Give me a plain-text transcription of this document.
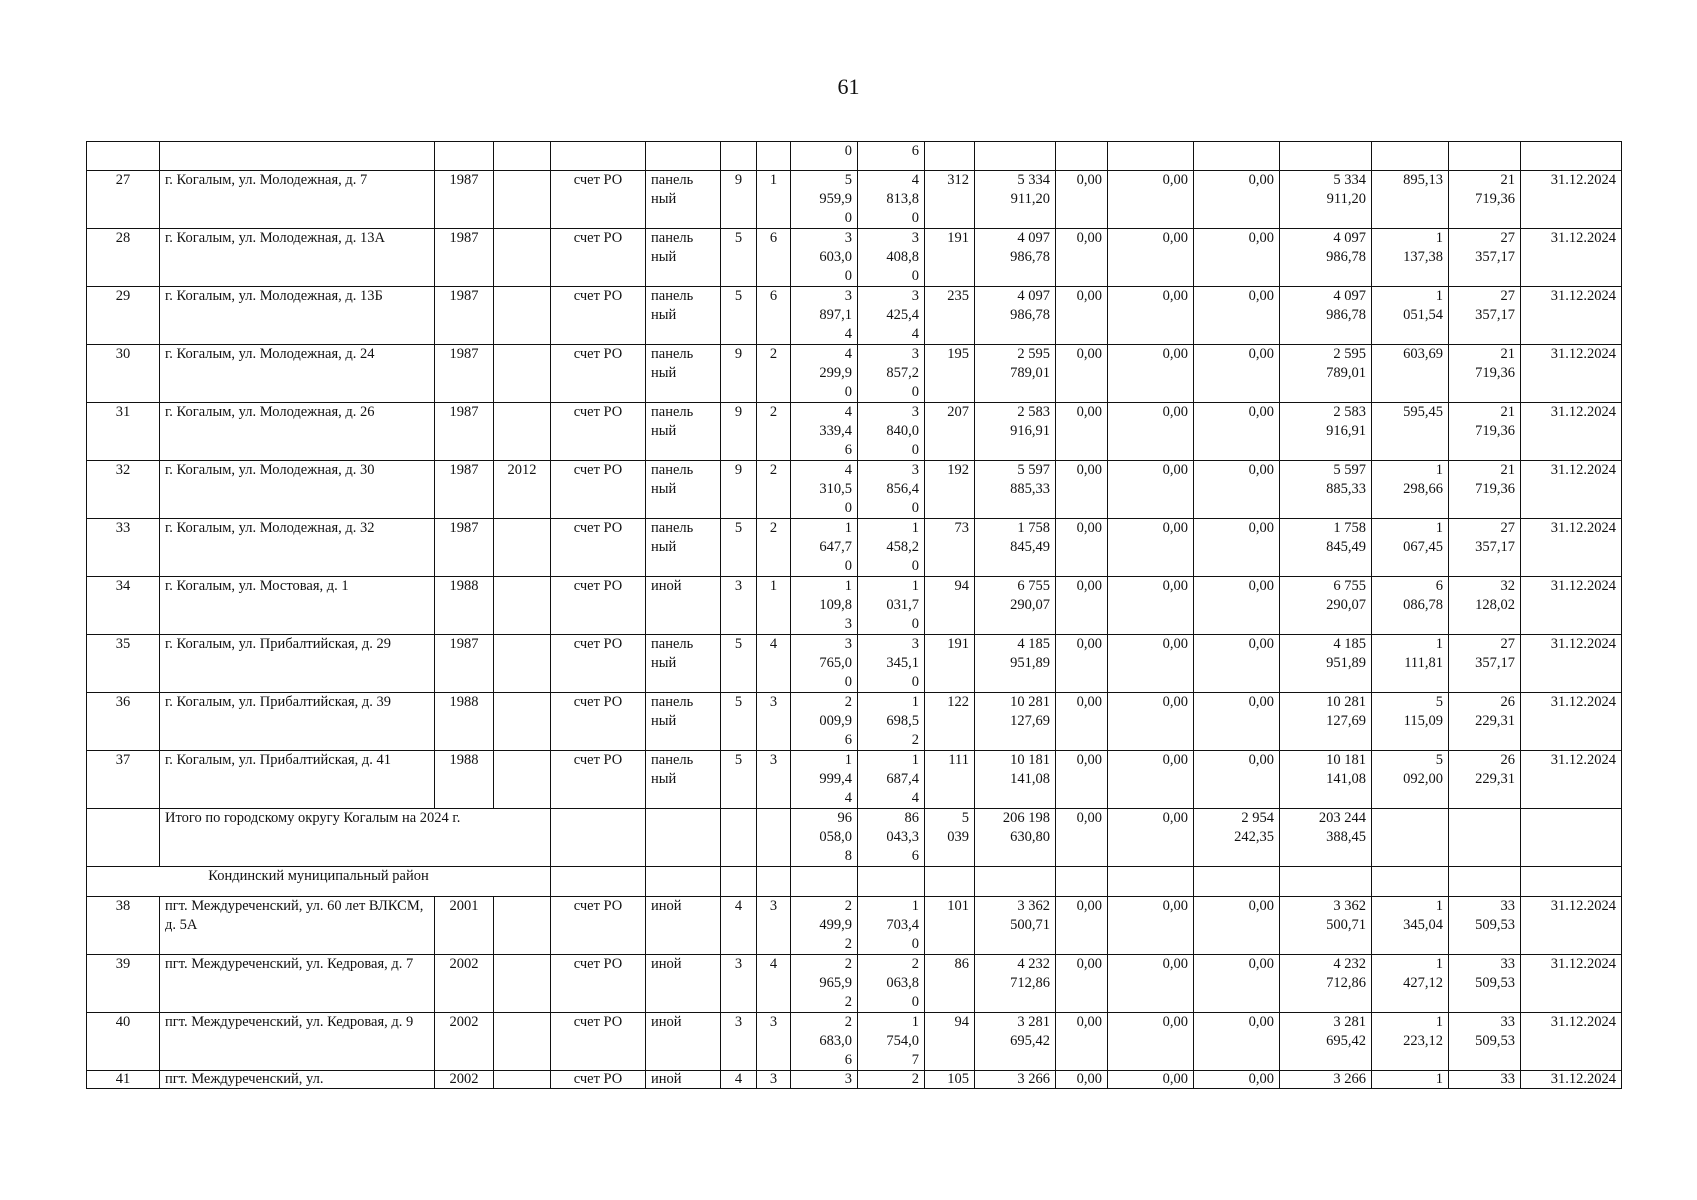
61
								0	6									
27	г. Когалым, ул. Молодежная, д. 7	1987		счет РО	панель
ный	9	1	5
959,9
0	4
813,8
0	312	5 334
911,20	0,00	0,00	0,00	5 334
911,20	895,13	21
719,36	31.12.2024
28	г. Когалым, ул. Молодежная, д. 13А	1987		счет РО	панель
ный	5	6	3
603,0
0	3
408,8
0	191	4 097
986,78	0,00	0,00	0,00	4 097
986,78	1
137,38	27
357,17	31.12.2024
29	г. Когалым, ул. Молодежная, д. 13Б	1987		счет РО	панель
ный	5	6	3
897,1
4	3
425,4
4	235	4 097
986,78	0,00	0,00	0,00	4 097
986,78	1
051,54	27
357,17	31.12.2024
30	г. Когалым, ул. Молодежная, д. 24	1987		счет РО	панель
ный	9	2	4
299,9
0	3
857,2
0	195	2 595
789,01	0,00	0,00	0,00	2 595
789,01	603,69	21
719,36	31.12.2024
31	г. Когалым, ул. Молодежная, д. 26	1987		счет РО	панель
ный	9	2	4
339,4
6	3
840,0
0	207	2 583
916,91	0,00	0,00	0,00	2 583
916,91	595,45	21
719,36	31.12.2024
32	г. Когалым, ул. Молодежная, д. 30	1987	2012	счет РО	панель
ный	9	2	4
310,5
0	3
856,4
0	192	5 597
885,33	0,00	0,00	0,00	5 597
885,33	1
298,66	21
719,36	31.12.2024
33	г. Когалым, ул. Молодежная, д. 32	1987		счет РО	панель
ный	5	2	1
647,7
0	1
458,2
0	73	1 758
845,49	0,00	0,00	0,00	1 758
845,49	1
067,45	27
357,17	31.12.2024
34	г. Когалым, ул. Мостовая, д. 1	1988		счет РО	иной	3	1	1
109,8
3	1
031,7
0	94	6 755
290,07	0,00	0,00	0,00	6 755
290,07	6
086,78	32
128,02	31.12.2024
35	г. Когалым, ул. Прибалтийская, д. 29	1987		счет РО	панель
ный	5	4	3
765,0
0	3
345,1
0	191	4 185
951,89	0,00	0,00	0,00	4 185
951,89	1
111,81	27
357,17	31.12.2024
36	г. Когалым, ул. Прибалтийская, д. 39	1988		счет РО	панель
ный	5	3	2
009,9
6	1
698,5
2	122	10 281
127,69	0,00	0,00	0,00	10 281
127,69	5
115,09	26
229,31	31.12.2024
37	г. Когалым, ул. Прибалтийская, д. 41	1988		счет РО	панель
ный	5	3	1
999,4
4	1
687,4
4	111	10 181
141,08	0,00	0,00	0,00	10 181
141,08	5
092,00	26
229,31	31.12.2024
	Итого по городскому округу Когалым на 2024 г.							96
058,0
8	86
043,3
6	5
039	206 198
630,80	0,00	0,00	2 954
242,35	203 244
388,45			

Кондинский муниципальный район																		
38	пгт. Междуреченский, ул. 60 лет ВЛКСМ, д. 5А	2001		счет РО	иной	4	3	2
499,9
2	1
703,4
0	101	3 362
500,71	0,00	0,00	0,00	3 362
500,71	1
345,04	33
509,53	31.12.2024
39	пгт. Междуреченский, ул. Кедровая, д. 7	2002		счет РО	иной	3	4	2
965,9
2	2
063,8
0	86	4 232
712,86	0,00	0,00	0,00	4 232
712,86	1
427,12	33
509,53	31.12.2024
40	пгт. Междуреченский, ул. Кедровая, д. 9	2002		счет РО	иной	3	3	2
683,0
6	1
754,0
7	94	3 281
695,42	0,00	0,00	0,00	3 281
695,42	1
223,12	33
509,53	31.12.2024
41	пгт. Междуреченский, ул.	2002		счет РО	иной	4	3	3	2	105	3 266	0,00	0,00	0,00	3 266	1	33	31.12.2024
